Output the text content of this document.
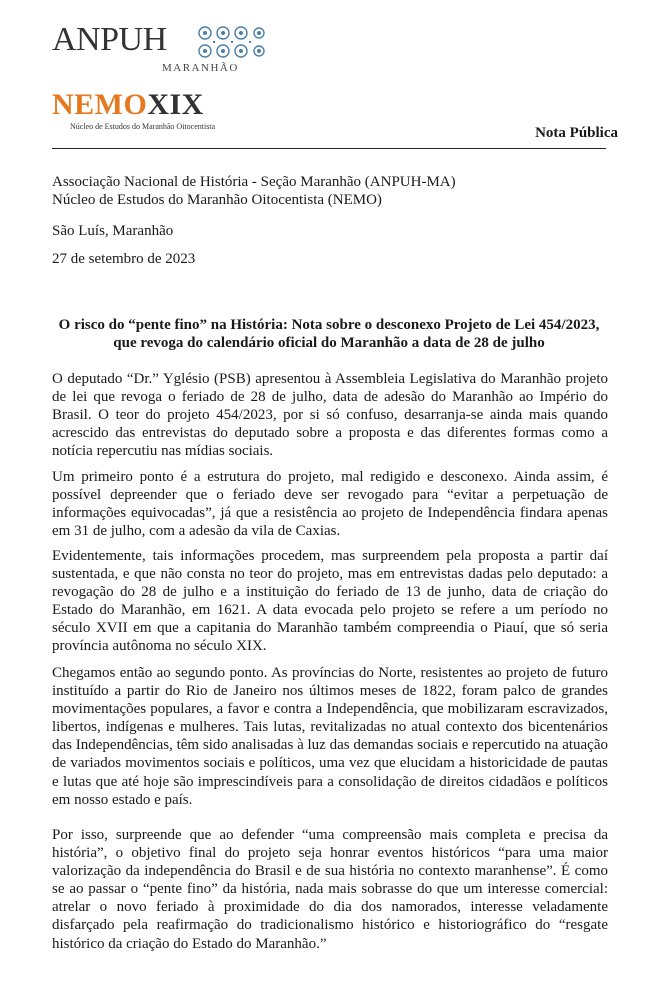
ANPUH
MARANHÃO
NEMOXIX
Núcleo de Estudos do Maranhão Oitocentista	Nota Pública
Associação Nacional de História - Seção Maranhão (ANPUH-MA)
Núcleo de Estudos do Maranhão Oitocentista (NEMO)
São Luís, Maranhão
27 de setembro de 2023
O risco do “pente fino” na História: Nota sobre o desconexo Projeto de Lei 454/2023,
que revoga do calendário oficial do Maranhão a data de 28 de julho

O deputado “Dr.” Yglésio (PSB) apresentou à Assembleia Legislativa do Maranhão projeto de lei que revoga o feriado de 28 de julho, data de adesão do Maranhão ao Império do Brasil. O teor do projeto 454/2023, por si só confuso, desarranja-se ainda mais quando acrescido das entrevistas do deputado sobre a proposta e das diferentes formas como a notícia repercutiu nas mídias sociais.

Um primeiro ponto é a estrutura do projeto, mal redigido e desconexo. Ainda assim, é possível depreender que o feriado deve ser revogado para “evitar a perpetuação de informações equivocadas”, já que a resistência ao projeto de Independência findara apenas em 31 de julho, com a adesão da vila de Caxias.

Evidentemente, tais informações procedem, mas surpreendem pela proposta a partir daí sustentada, e que não consta no teor do projeto, mas em entrevistas dadas pelo deputado: a revogação do 28 de julho e a instituição do feriado de 13 de junho, data de criação do Estado do Maranhão, em 1621. A data evocada pelo projeto se refere a um período no século XVII em que a capitania do Maranhão também compreendia o Piauí, que só seria província autônoma no século XIX.

Chegamos então ao segundo ponto. As províncias do Norte, resistentes ao projeto de futuro instituído a partir do Rio de Janeiro nos últimos meses de 1822, foram palco de grandes movimentações populares, a favor e contra a Independência, que mobilizaram escravizados, libertos, indígenas e mulheres. Tais lutas, revitalizadas no atual contexto dos bicentenários das Independências, têm sido analisadas à luz das demandas sociais e repercutido na atuação de variados movimentos sociais e políticos, uma vez que elucidam a historicidade de pautas e lutas que até hoje são imprescindíveis para a consolidação de direitos cidadãos e políticos em nosso estado e país.

Por isso, surpreende que ao defender “uma compreensão mais completa e precisa da história”, o objetivo final do projeto seja honrar eventos históricos “para uma maior valorização da independência do Brasil e de sua história no contexto maranhense”. É como se ao passar o “pente fino” da história, nada mais sobrasse do que um interesse comercial: atrelar o novo feriado à proximidade do dia dos namorados, interesse veladamente disfarçado pela reafirmação do tradicionalismo histórico e historiográfico do “resgate histórico da criação do Estado do Maranhão.”
